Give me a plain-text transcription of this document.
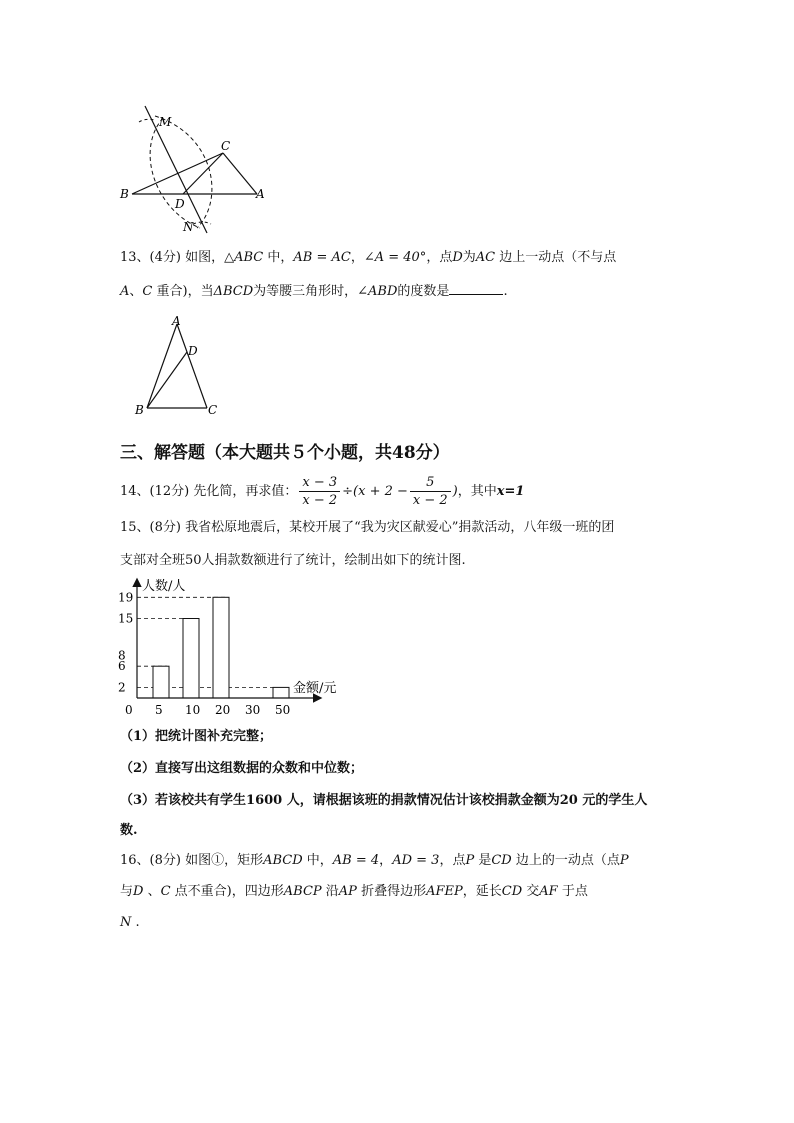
M
C
B
D
A
N
13、(4分) 如图，△ABC 中，AB = AC，∠A = 40°，点D为AC 边上一动点（不与点
A、C 重合)，当ΔBCD为等腰三角形时，∠ABD的度数是	.
A
D
B	C
三、解答题（本大题共５个小题，共48分）
14、(12分) 先化简，再求值： $\frac{x - 3}{x - 2} \div(x + 2 - \frac{5}{x - 2}$ )，其中x=1
15、(8分) 我省松原地震后，某校开展了“我为灾区献爱心”捐款活动，八年级一班的团
支部对全班50人捐款数额进行了统计，绘制出如下的统计图.
人数/人
金额/元
2
6
8
15
19
0 5 10 20 30 50
（1）把统计图补充完整；
（2）直接写出这组数据的众数和中位数；
（3）若该校共有学生1600 人，请根据该班的捐款情况估计该校捐款金额为20 元的学生人
数.
16、(8分) 如图①，矩形ABCD 中，AB = 4，AD = 3，点P 是CD 边上的一动点（点P
与D 、C 点不重合)，四边形ABCP 沿AP 折叠得边形AFEP，延长CD 交AF 于点
N .
